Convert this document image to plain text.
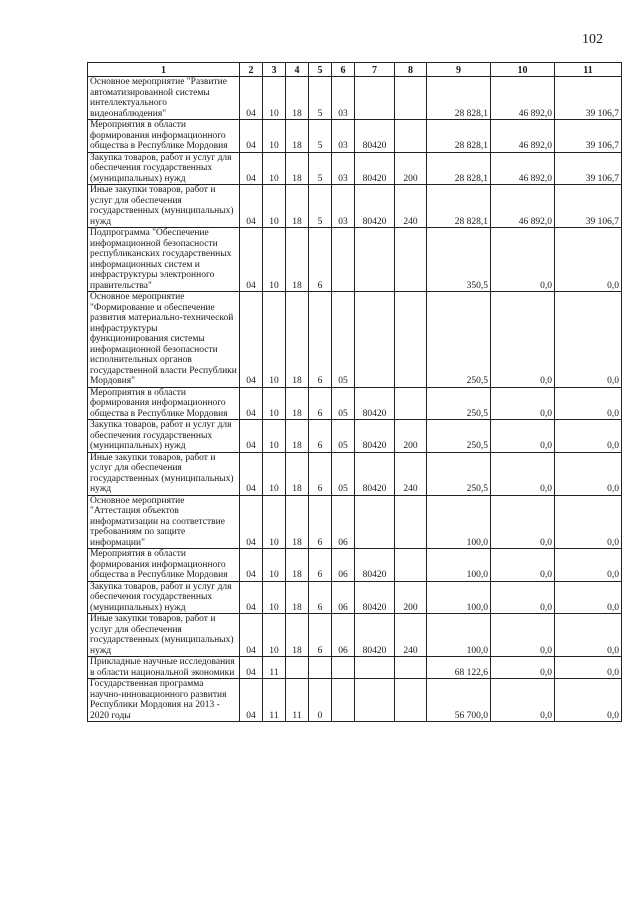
102
1	2	3	4	5	6	7	8	9	10	11
Основное мероприятие "Развитие автоматизированной системы интеллектуального видеонаблюдения"	04	10	18	5	03			28 828,1	46 892,0	39 106,7
Мероприятия в области формирования информационного общества в Республике Мордовия	04	10	18	5	03	80420		28 828,1	46 892,0	39 106,7
Закупка товаров, работ и услуг для обеспечения государственных (муниципальных) нужд	04	10	18	5	03	80420	200	28 828,1	46 892,0	39 106,7
Иные закупки товаров, работ и услуг для обеспечения государственных (муниципальных) нужд	04	10	18	5	03	80420	240	28 828,1	46 892,0	39 106,7
Подпрограмма "Обеспечение информационной безопасности республиканских государственных информационных систем и инфраструктуры электронного правительства"	04	10	18	6				350,5	0,0	0,0
Основное мероприятие "Формирование и обеспечение развития материально-технической инфраструктуры функционирования системы информационной безопасности исполнительных органов государственной власти Республики Мордовия"	04	10	18	6	05			250,5	0,0	0,0
Мероприятия в области формирования информационного общества в Республике Мордовия	04	10	18	6	05	80420		250,5	0,0	0,0
Закупка товаров, работ и услуг для обеспечения государственных (муниципальных) нужд	04	10	18	6	05	80420	200	250,5	0,0	0,0
Иные закупки товаров, работ и услуг для обеспечения государственных (муниципальных) нужд	04	10	18	6	05	80420	240	250,5	0,0	0,0
Основное мероприятие "Аттестация объектов информатизации на соответствие требованиям по защите информации"	04	10	18	6	06			100,0	0,0	0,0
Мероприятия в области формирования информационного общества в Республике Мордовия	04	10	18	6	06	80420		100,0	0,0	0,0
Закупка товаров, работ и услуг для обеспечения государственных (муниципальных) нужд	04	10	18	6	06	80420	200	100,0	0,0	0,0
Иные закупки товаров, работ и услуг для обеспечения государственных (муниципальных) нужд	04	10	18	6	06	80420	240	100,0	0,0	0,0
Прикладные научные исследования в области национальной экономики	04	11						68 122,6	0,0	0,0
Государственная программа научно-инновационного развития Республики Мордовия на 2013 - 2020 годы	04	11	11	0				56 700,0	0,0	0,0
